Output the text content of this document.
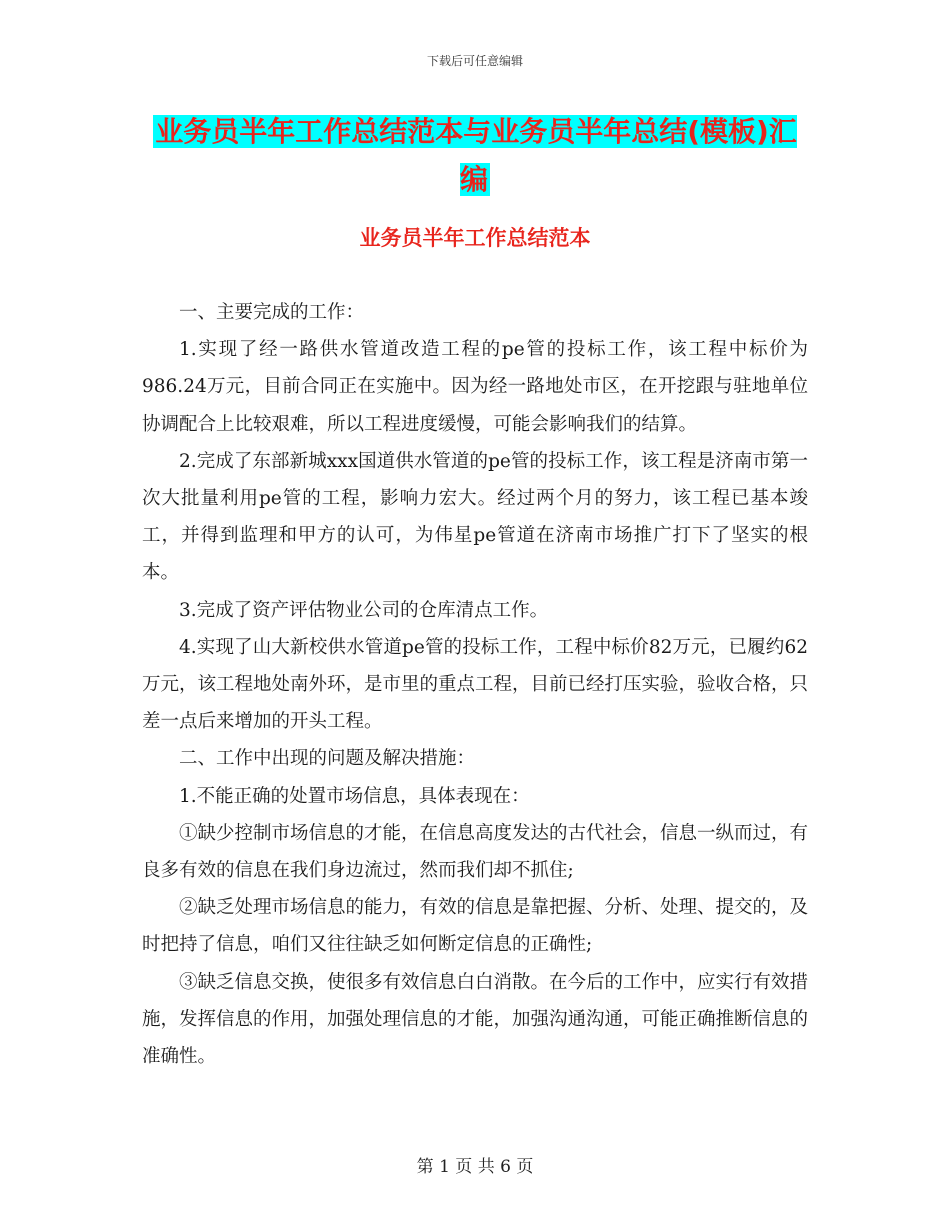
下载后可任意编辑
业务员半年工作总结范本与业务员半年总结(模板)汇编
业务员半年工作总结范本

一、主要完成的工作：

1.实现了经一路供水管道改造工程的pe管的投标工作，该工程中标价为986.24万元，目前合同正在实施中。因为经一路地处市区，在开挖跟与驻地单位协调配合上比较艰难，所以工程进度缓慢，可能会影响我们的结算。

2.完成了东部新城xxx国道供水管道的pe管的投标工作，该工程是济南市第一次大批量利用pe管的工程，影响力宏大。经过两个月的努力，该工程已基本竣工，并得到监理和甲方的认可，为伟星pe管道在济南市场推广打下了坚实的根本。

3.完成了资产评估物业公司的仓库清点工作。

4.实现了山大新校供水管道pe管的投标工作，工程中标价82万元，已履约62万元，该工程地处南外环，是市里的重点工程，目前已经打压实验，验收合格，只差一点后来增加的开头工程。

二、工作中出现的问题及解决措施：

1.不能正确的处置市场信息，具体表现在：

①缺少控制市场信息的才能，在信息高度发达的古代社会，信息一纵而过，有良多有效的信息在我们身边流过，然而我们却不抓住;

②缺乏处理市场信息的能力，有效的信息是靠把握、分析、处理、提交的，及时把持了信息，咱们又往往缺乏如何断定信息的正确性;

③缺乏信息交换，使很多有效信息白白消散。在今后的工作中，应实行有效措施，发挥信息的作用，加强处理信息的才能，加强沟通沟通，可能正确推断信息的准确性。

第 1 页 共 6 页
